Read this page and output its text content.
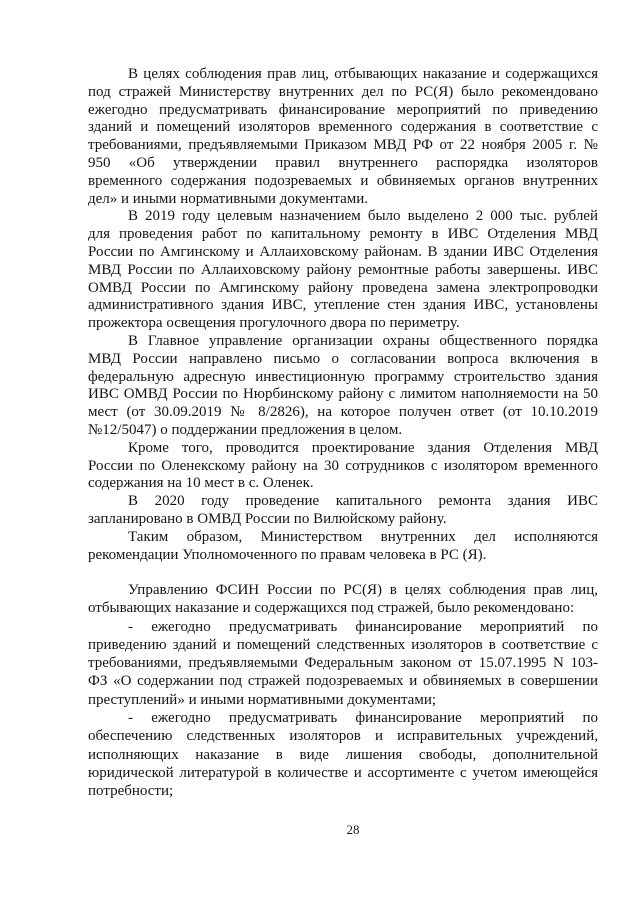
В целях соблюдения прав лиц, отбывающих наказание и содержащихся
под стражей Министерству внутренних дел по РС(Я) было рекомендовано
ежегодно предусматривать финансирование мероприятий по приведению
зданий и помещений изоляторов временного содержания в соответствие с
требованиями, предъявляемыми Приказом МВД РФ от 22 ноября 2005 г. №
950 «Об утверждении правил внутреннего распорядка изоляторов
временного содержания подозреваемых и обвиняемых органов внутренних
дел» и иными нормативными документами.
В 2019 году целевым назначением было выделено 2 000 тыс. рублей
для проведения работ по капитальному ремонту в ИВС Отделения МВД
России по Амгинскому и Аллаиховскому районам. В здании ИВС Отделения
МВД России по Аллаиховскому району ремонтные работы завершены. ИВС
ОМВД России по Амгинскому району проведена замена электропроводки
административного здания ИВС, утепление стен здания ИВС, установлены
прожектора освещения прогулочного двора по периметру.
В Главное управление организации охраны общественного порядка
МВД России направлено письмо о согласовании вопроса включения в
федеральную адресную инвестиционную программу строительство здания
ИВС ОМВД России по Нюрбинскому району с лимитом наполняемости на 50
мест (от 30.09.2019 № 8/2826), на которое получен ответ (от 10.10.2019
№12/5047) о поддержании предложения в целом.
Кроме того, проводится проектирование здания Отделения МВД
России по Оленекскому району на 30 сотрудников с изолятором временного
содержания на 10 мест в с. Оленек.
В 2020 году проведение капитального ремонта здания ИВС
запланировано в ОМВД России по Вилюйскому району.
Таким образом, Министерством внутренних дел исполняются
рекомендации Уполномоченного по правам человека в РС (Я).
Управлению ФСИН России по РС(Я) в целях соблюдения прав лиц,
отбывающих наказание и содержащихся под стражей, было рекомендовано:
- ежегодно предусматривать финансирование мероприятий по
приведению зданий и помещений следственных изоляторов в соответствие с
требованиями, предъявляемыми Федеральным законом от 15.07.1995 N 103-
ФЗ «О содержании под стражей подозреваемых и обвиняемых в совершении
преступлений» и иными нормативными документами;
- ежегодно предусматривать финансирование мероприятий по
обеспечению следственных изоляторов и исправительных учреждений,
исполняющих наказание в виде лишения свободы, дополнительной
юридической литературой в количестве и ассортименте с учетом имеющейся
потребности;
28
